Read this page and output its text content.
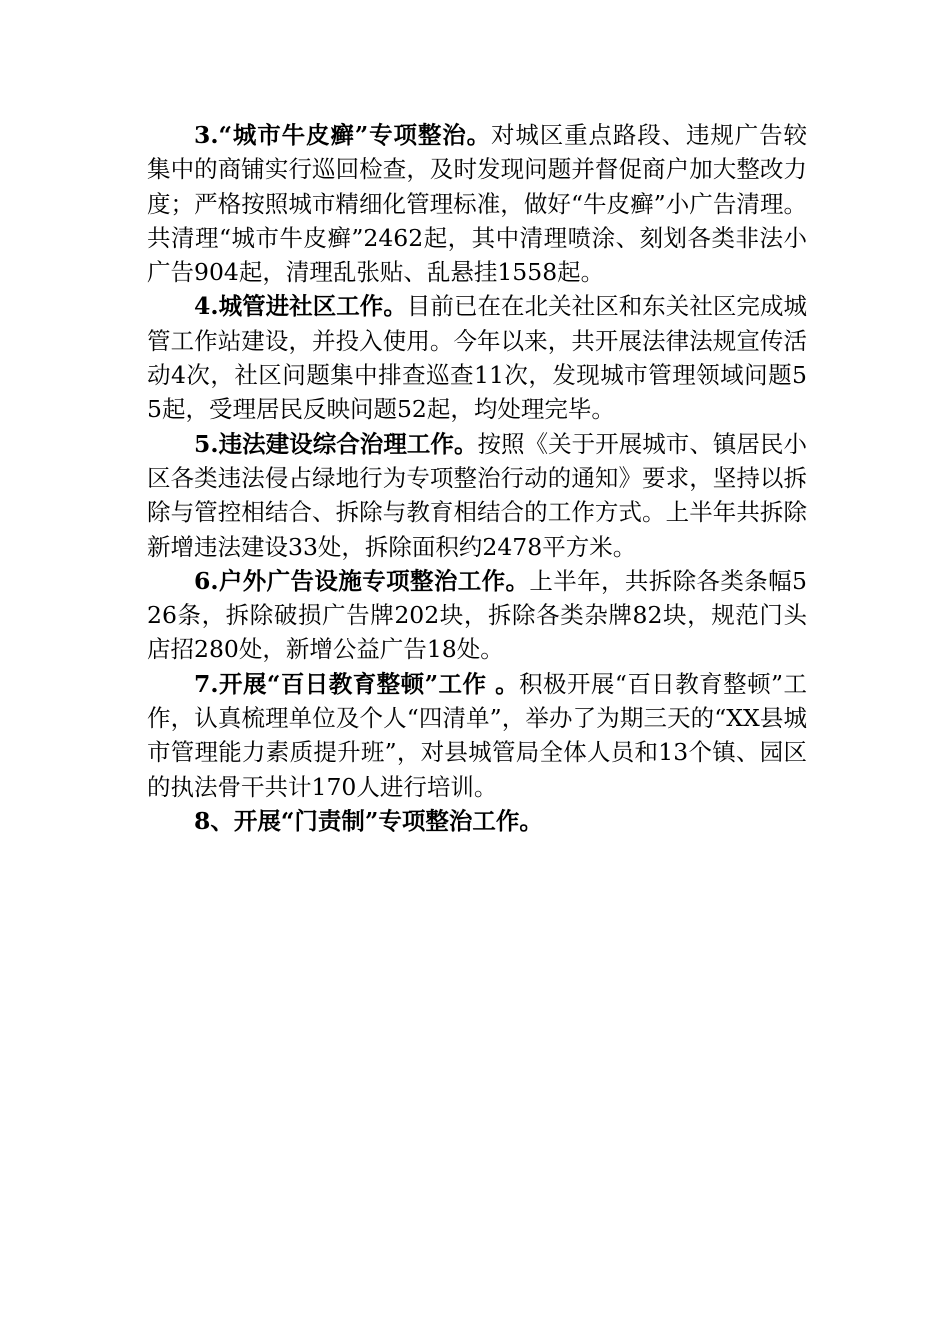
3.“城市牛皮癣”专项整治。对城区重点路段、违规广告较集中的商铺实行巡回检查，及时发现问题并督促商户加大整改力度；严格按照城市精细化管理标准，做好“牛皮癣”小广告清理。共清理“城市牛皮癣”2462起，其中清理喷涂、刻划各类非法小广告904起，清理乱张贴、乱悬挂1558起。

4.城管进社区工作。目前已在在北关社区和东关社区完成城管工作站建设，并投入使用。今年以来，共开展法律法规宣传活动4次，社区问题集中排查巡查11次，发现城市管理领域问题55起，受理居民反映问题52起，均处理完毕。

5.违法建设综合治理工作。按照《关于开展城市、镇居民小区各类违法侵占绿地行为专项整治行动的通知》要求，坚持以拆除与管控相结合、拆除与教育相结合的工作方式。上半年共拆除新增违法建设33处，拆除面积约2478平方米。

6.户外广告设施专项整治工作。上半年，共拆除各类条幅526条，拆除破损广告牌202块，拆除各类杂牌82块，规范门头店招280处，新增公益广告18处。

7.开展“百日教育整顿”工作 。积极开展“百日教育整顿”工作，认真梳理单位及个人“四清单”，举办了为期三天的“XX县城市管理能力素质提升班”，对县城管局全体人员和13个镇、园区的执法骨干共计170人进行培训。

8、开展“门责制”专项整治工作。
